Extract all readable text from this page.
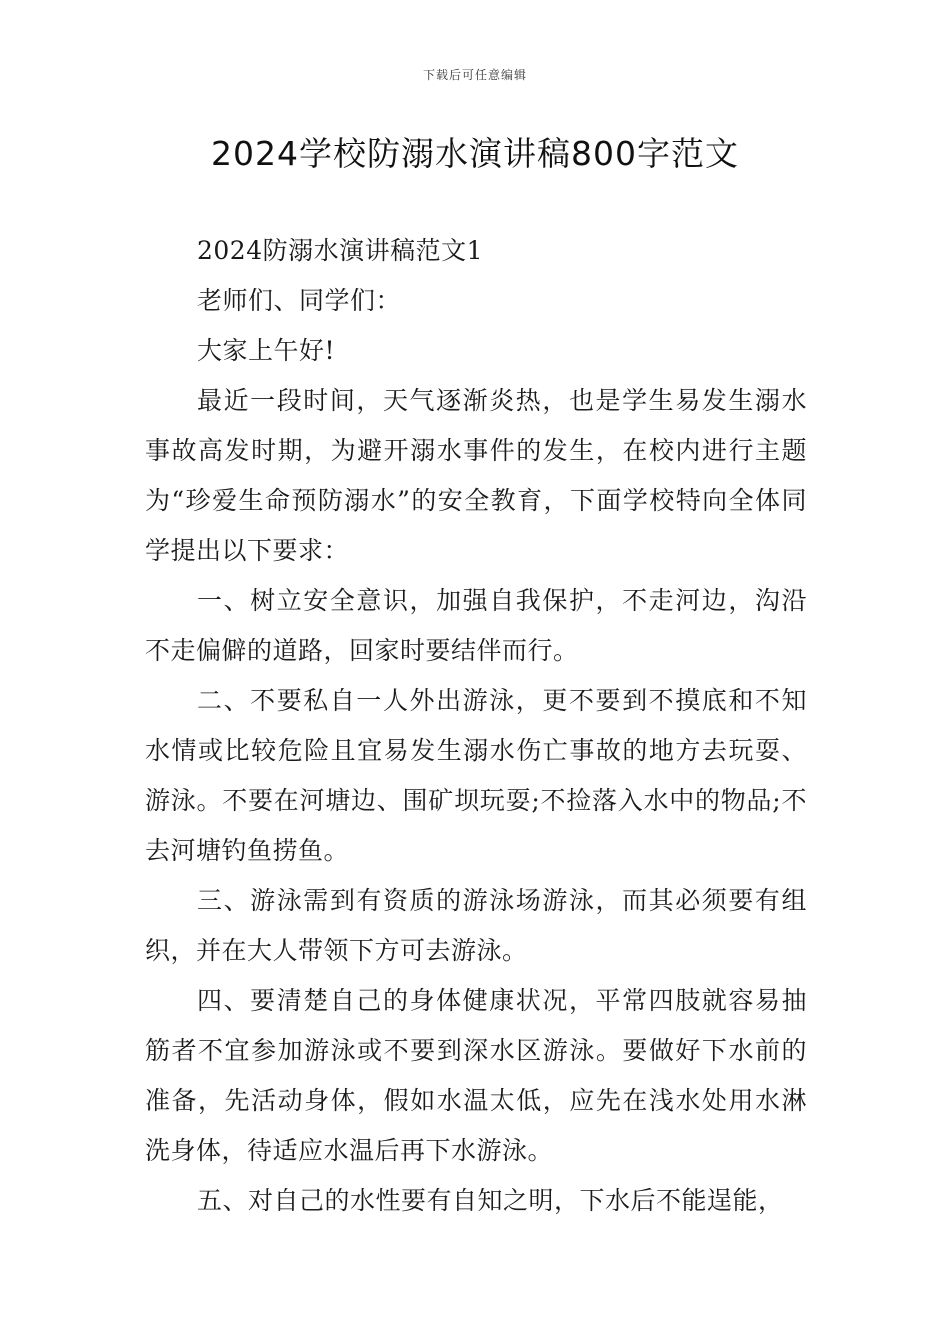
下载后可任意编辑
2024学校防溺水演讲稿800字范文

2024防溺水演讲稿范文1

老师们、同学们：

大家上午好!

最近一段时间，天气逐渐炎热，也是学生易发生溺水事故高发时期，为避开溺水事件的发生，在校内进行主题为“珍爱生命预防溺水”的安全教育，下面学校特向全体同学提出以下要求：

一、树立安全意识，加强自我保护，不走河边，沟沿不走偏僻的道路，回家时要结伴而行。

二、不要私自一人外出游泳，更不要到不摸底和不知水情或比较危险且宜易发生溺水伤亡事故的地方去玩耍、游泳。不要在河塘边、围矿坝玩耍;不捡落入水中的物品;不去河塘钓鱼捞鱼。

三、游泳需到有资质的游泳场游泳，而其必须要有组织，并在大人带领下方可去游泳。

四、要清楚自己的身体健康状况，平常四肢就容易抽筋者不宜参加游泳或不要到深水区游泳。要做好下水前的准备，先活动身体，假如水温太低，应先在浅水处用水淋洗身体，待适应水温后再下水游泳。

五、对自己的水性要有自知之明，下水后不能逞能，
